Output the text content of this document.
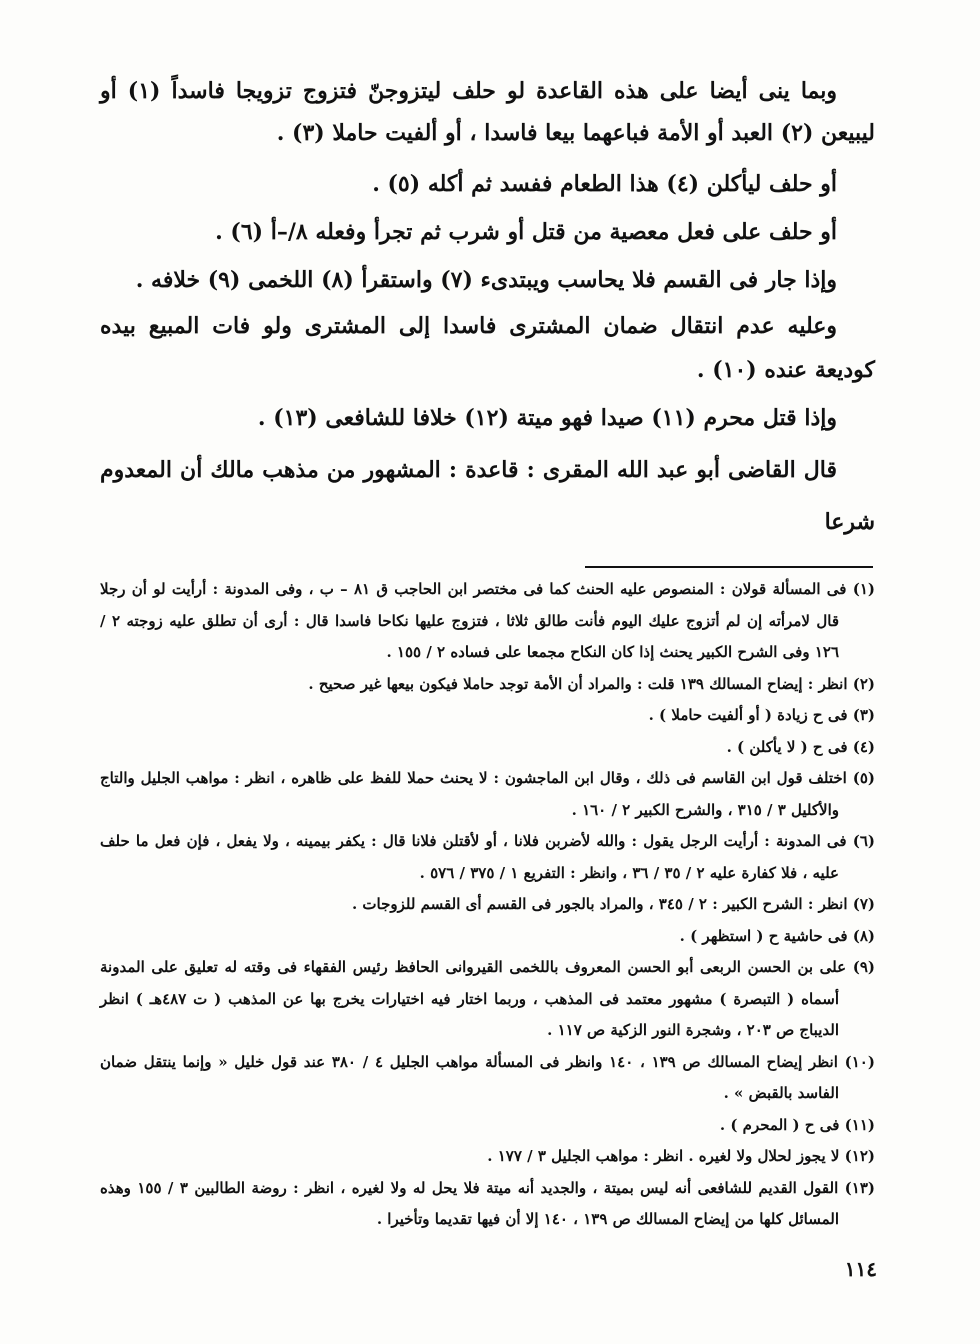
وبما ينى أيضا على هذه القاعدة لو حلف ليتزوجنّ فتزوج تزويجا فاسداً (١) أو ليبيعن (٢) العبد أو الأمة فباعهما بيعا فاسدا ، أو ألفيت حاملا (٣) .

أو حلف ليأكلن (٤) هذا الطعام ففسد ثم أكله (٥) .

أو حلف على فعل معصية من قتل أو شرب ثم تجرأ وفعله ٨/–أ (٦) .

وإذا جار فى القسم فلا يحاسب ويبتدىء (٧) واستقرأ (٨) اللخمى (٩) خلافه .

وعليه عدم انتقال ضمان المشترى فاسدا إلى المشترى ولو فات المبيع بيده كوديعة عنده (١٠) .

وإذا قتل محرم (١١) صيدا فهو ميتة (١٢) خلافا للشافعى (١٣) .

قال القاضى أبو عبد الله المقرى : قاعدة : المشهور من مذهب مالك أن المعدوم شرعا

(١) فى المسألة قولان : المنصوص عليه الحنث كما فى مختصر ابن الحاجب ق ٨١ – ب ، وفى المدونة : أرأيت لو أن رجلا قال لامرأته إن لم أتزوج عليك اليوم فأنت طالق ثلاثا ، فتزوج عليها نكاحا فاسدا قال : أرى أن تطلق عليه زوجته ٢ / ١٢٦ وفى الشرح الكبير يحنث إذا كان النكاح مجمعا على فساده ٢ / ١٥٥ .

(٢) انظر : إيضاح المسالك ١٣٩ قلت : والمراد أن الأمة توجد حاملا فيكون بيعها غير صحيح .

(٣) فى ح زيادة ( أو ألفيت حاملا ) .

(٤) فى ح ( لا يأكلن ) .

(٥) اختلف قول ابن القاسم فى ذلك ، وقال ابن الماجشون : لا يحنث حملا للفظ على ظاهره ، انظر : مواهب الجليل والتاج والأكليل ٣ / ٣١٥ ، والشرح الكبير ٢ / ١٦٠ .

(٦) فى المدونة : أرأيت الرجل يقول : والله لأضربن فلانا ، أو لأقتلن فلانا قال : يكفر بيمينه ، ولا يفعل ، فإن فعل ما حلف عليه ، فلا كفارة عليه ٢ / ٣٥ / ٣٦ ، وانظر : التفريع ١ / ٣٧٥ / ٥٧٦ .

(٧) انظر : الشرح الكبير : ٢ / ٣٤٥ ، والمراد بالجور فى القسم أى القسم للزوجات .

(٨) فى حاشية ح ( استظهر ) .

(٩) على بن الحسن الربعى أبو الحسن المعروف باللخمى القيروانى الحافظ رئيس الفقهاء فى وقته له تعليق على المدونة أسماه ( التبصرة ) مشهور معتمد فى المذهب ، وربما اختار فيه اختيارات يخرج بها عن المذهب ( ت ٤٨٧هـ ) انظر الديباج ص ٢٠٣ ، وشجرة النور الزكية ص ١١٧ .

(١٠) انظر إيضاح المسالك ص ١٣٩ ، ١٤٠ وانظر فى المسألة مواهب الجليل ٤ / ٣٨٠ عند قول خليل « وإنما ينتقل ضمان الفاسد بالقبض » .

(١١) فى ح ( المحرم ) .

(١٢) لا يجوز لحلال ولا لغيره . انظر : مواهب الجليل ٣ / ١٧٧ .

(١٣) القول القديم للشافعى أنه ليس بميتة ، والجديد أنه ميتة فلا يحل له ولا لغيره ، انظر : روضة الطالبين ٣ / ١٥٥ وهذه المسائل كلها من إيضاح المسالك ص ١٣٩ ، ١٤٠ إلا أن فيها تقديما وتأخيرا .

١١٤
